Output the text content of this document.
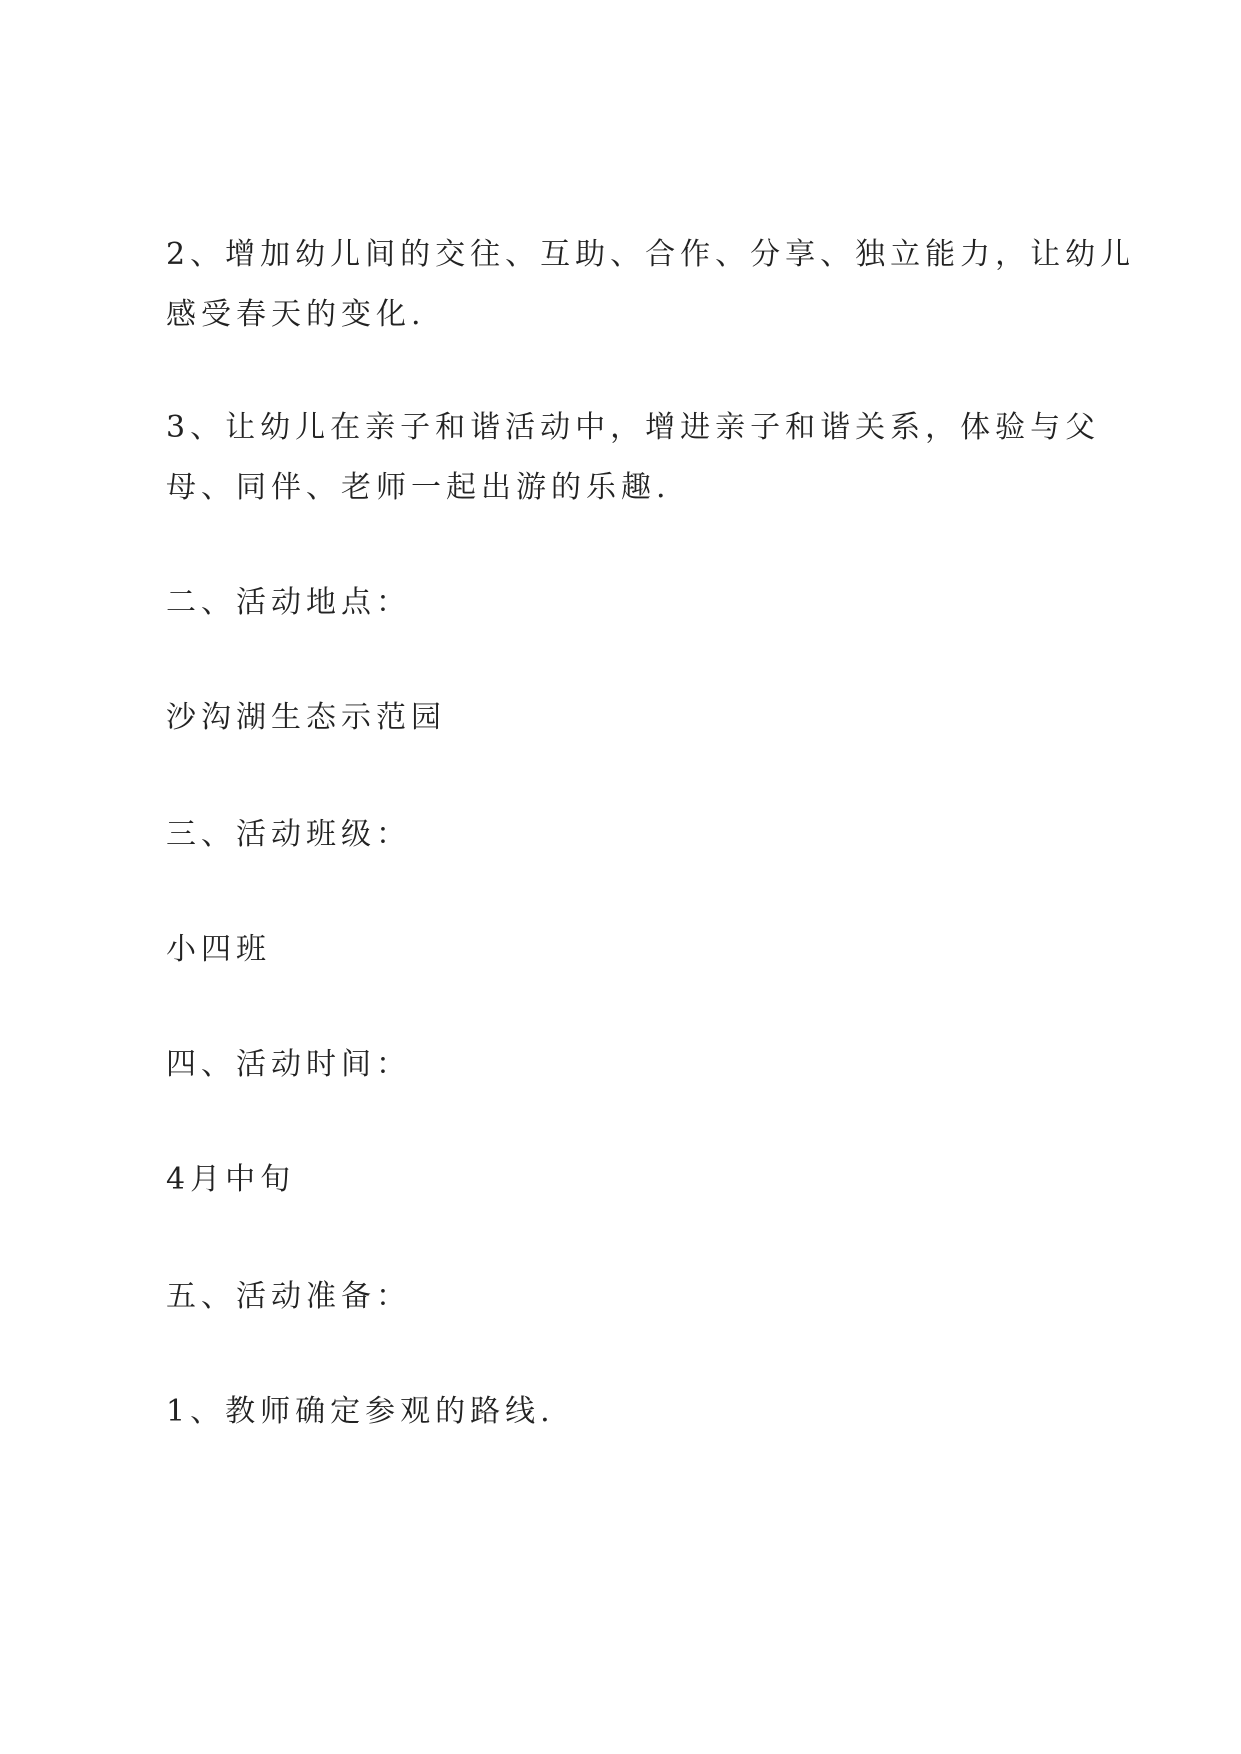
2、增加幼儿间的交往、互助、合作、分享、独立能力，让幼儿

感受春天的变化.

3、让幼儿在亲子和谐活动中，增进亲子和谐关系，体验与父

母、同伴、老师一起出游的乐趣.

二、活动地点：

沙沟湖生态示范园

三、活动班级：

小四班

四、活动时间：

4月中旬

五、活动准备：

1、教师确定参观的路线.
